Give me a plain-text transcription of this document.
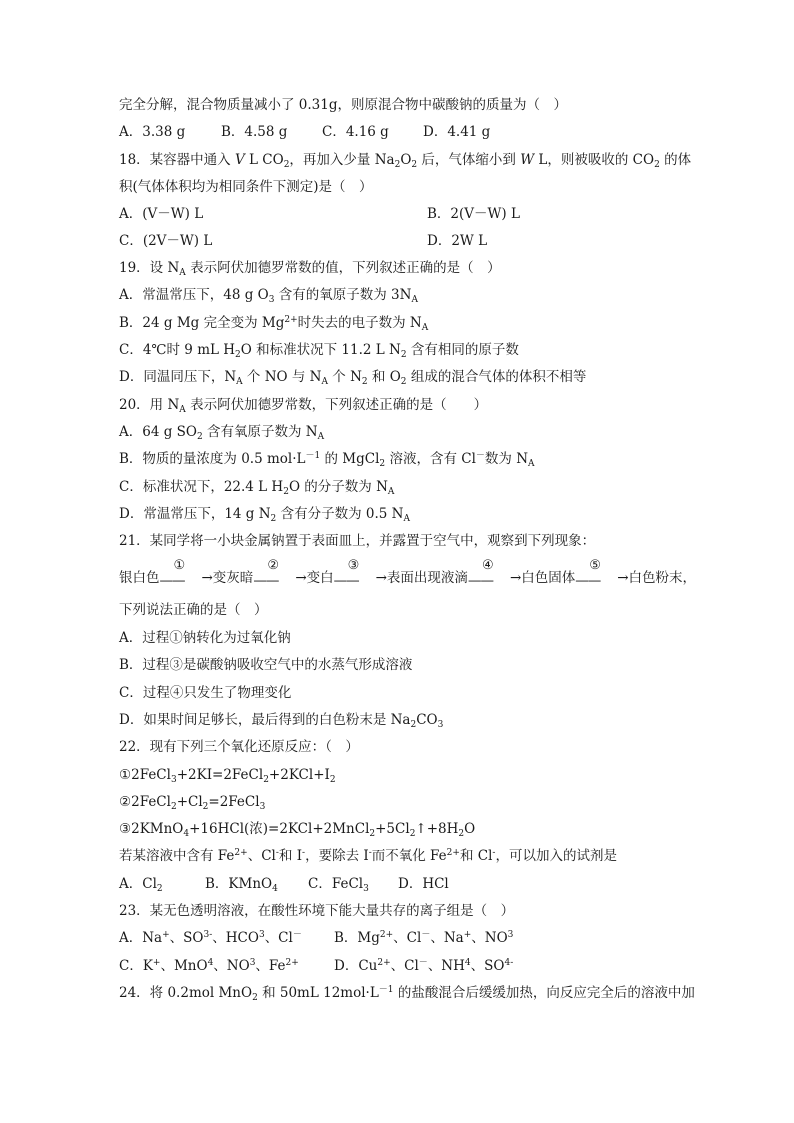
完全分解，混合物质量减小了 0.31g，则原混合物中碳酸钠的质量为（　）
A．3.38 g	B．4.58 g	C．4.16 g	D．4.41 g
18．某容器中通入 V L $CO_2$，再加入少量 $Na_2O_2$ 后，气体缩小到 W L，则被吸收的 $CO_2$ 的体
积(气体体积均为相同条件下测定)是（　）
A．(V－W) L	B．2(V－W) L
C．(2V－W) L	D．2W L
19．设 $N_A$ 表示阿伏加德罗常数的值，下列叙述正确的是（　）
A．常温常压下，48 g $O_3$ 含有的氧原子数为 $3N_A$
B．24 g Mg 完全变为 $Mg^{2+}$时失去的电子数为 $N_A$
C．4℃时 9 mL $H_2O$ 和标准状况下 11.2 L $N_2$ 含有相同的原子数
D．同温同压下，$N_A$ 个 NO 与 $N_A$ 个 $N_2$ 和 $O_2$ 组成的混合气体的体积不相等
20．用 $N_A$ 表示阿伏加德罗常数，下列叙述正确的是（　　）
A．64 g $SO_2$ 含有氧原子数为 $N_A$
B．物质的量浓度为 0.5 $mol\cdot L^{-1}$ 的 MgCl$_2$ 溶液，含有 Cl－数为 $N_A$
C．标准状况下，22.4 L $H_2O$ 的分子数为 $N_A$
D．常温常压下，14 g $N_2$ 含有分子数为 0.5 $N_A$
21．某同学将一小块金属钠置于表面皿上，并露置于空气中，观察到下列现象：
银白色
①
—— →变灰暗
②
—— →变白
③
—— →表面出现液滴
④
—— →白色固体
⑤
—— →白色粉末，
下列说法正确的是（　）
A．过程①钠转化为过氧化钠
B．过程③是碳酸钠吸收空气中的水蒸气形成溶液
C．过程④只发生了物理变化
D．如果时间足够长，最后得到的白色粉末是 $Na_2CO_3$
22．现有下列三个氧化还原反应：（　）
$①2FeCl_3+2KI=2FeCl_2+2KCl+I_2$
$②2FeCl_2+Cl_2=2FeCl_3$
③2KMnO$_4$+16HCl(浓)$=2KCl+2MnCl_2+5Cl_2↑+8H_2O$
若某溶液中含有 $Fe^{2+}$、Cl-和 I-，要除去 I-而不氧化 $Fe^{2+}$和 Cl-，可以加入的试剂是
A．$Cl_2$	B．KMnO$_4$ C．FeCl$_3$ D．HCl
23．某无色透明溶液，在酸性环境下能大量共存的离子组是（　）
A．Na+、$SO^{3-}$、HCO$^3$、Cl－ B．$Mg^{2+}$、Cl－、Na+、$NO^3$
C．K+、MnO$^4$、$NO^3$、$Fe^{2+}$	D．$Cu^{2+}$、Cl－、$NH^4$、$SO^{4-}$
24．将 0.2mol MnO$_2$ 和 50mL $12mol\cdot L^{-1}$ 的盐酸混合后缓缓加热，向反应完全后的溶液中加
